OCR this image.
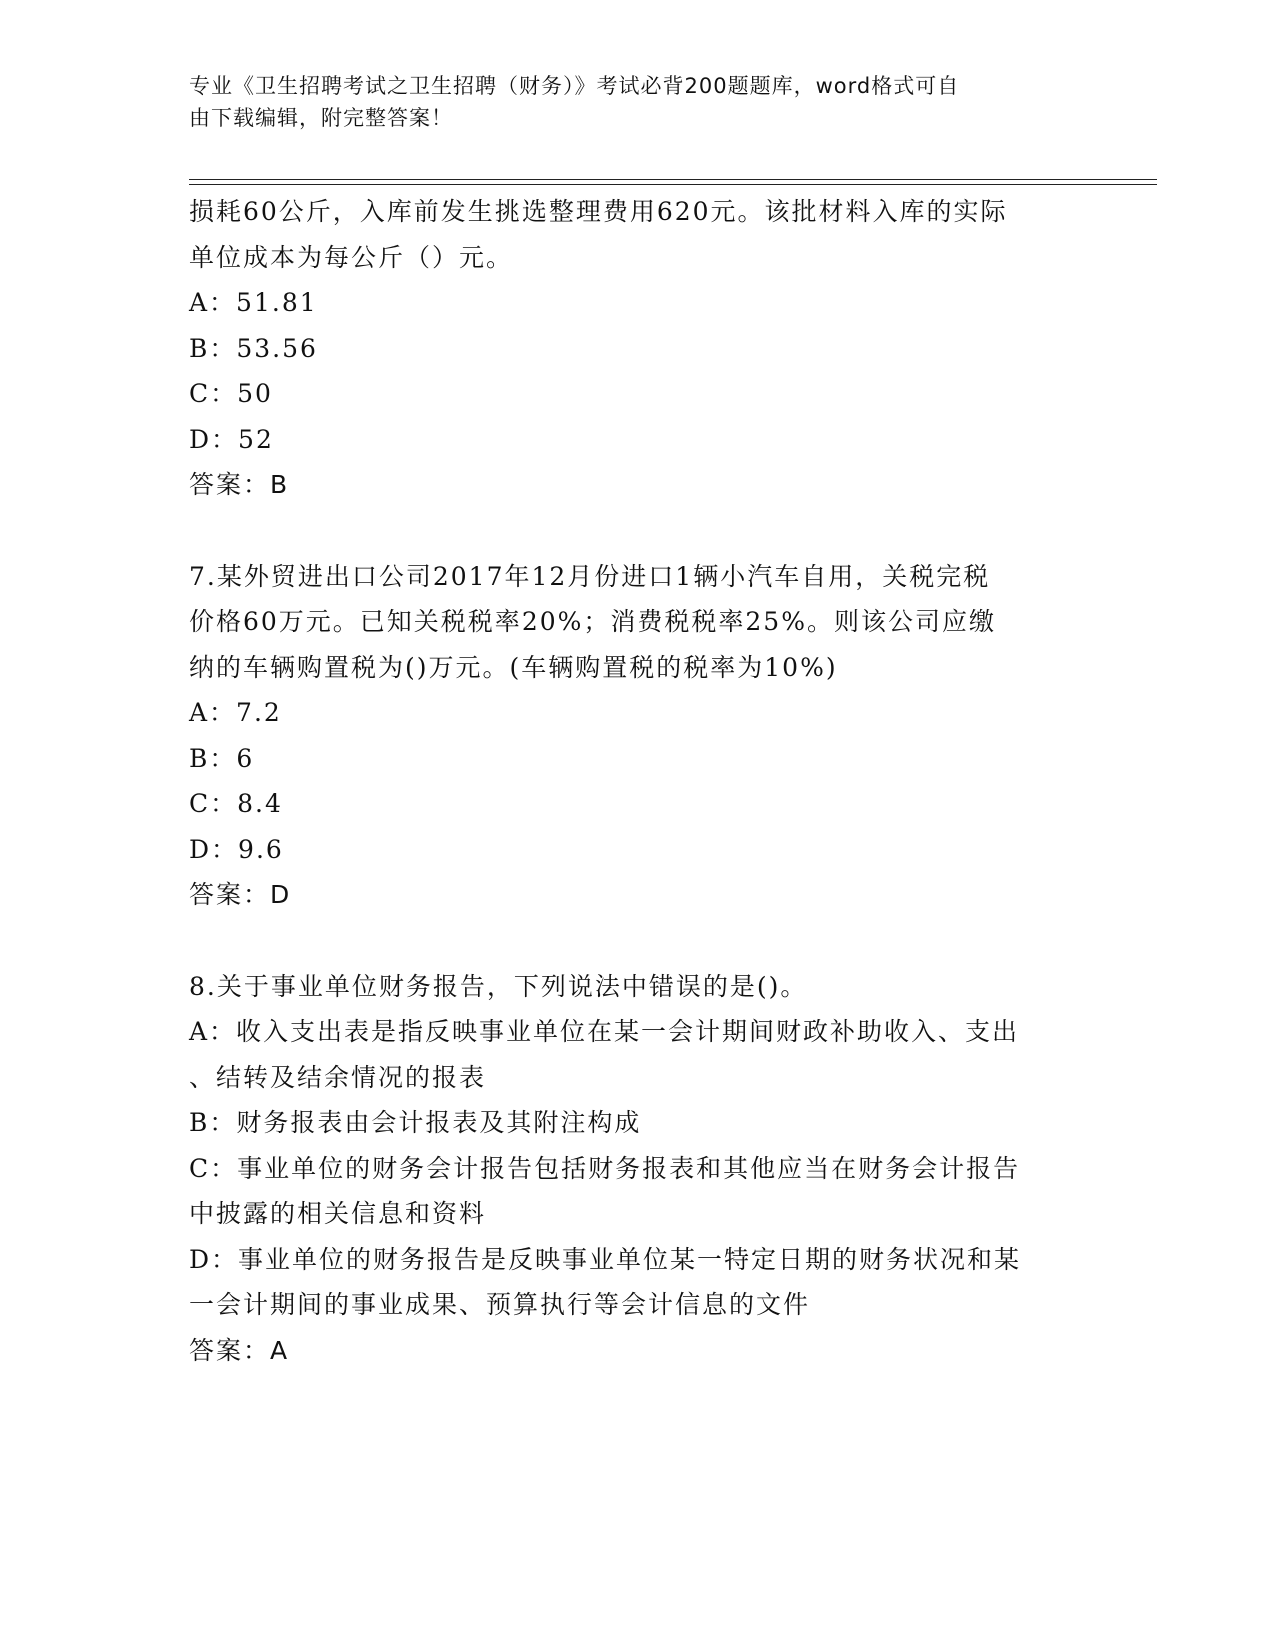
专业《卫生招聘考试之卫生招聘（财务）》考试必背200题题库，word格式可自
由下载编辑，附完整答案！

损耗60公斤，入库前发生挑选整理费用620元。该批材料入库的实际

单位成本为每公斤（）元。

A：51.81

B：53.56

C：50

D：52

答案：B

7.某外贸进出口公司2017年12月份进口1辆小汽车自用，关税完税

价格60万元。已知关税税率20%；消费税税率25%。则该公司应缴

纳的车辆购置税为()万元。(车辆购置税的税率为10%)

A：7.2

B：6

C：8.4

D：9.6

答案：D

8.关于事业单位财务报告，下列说法中错误的是()。

A：收入支出表是指反映事业单位在某一会计期间财政补助收入、支出

、结转及结余情况的报表

B：财务报表由会计报表及其附注构成

C：事业单位的财务会计报告包括财务报表和其他应当在财务会计报告

中披露的相关信息和资料

D：事业单位的财务报告是反映事业单位某一特定日期的财务状况和某

一会计期间的事业成果、预算执行等会计信息的文件

答案：A
